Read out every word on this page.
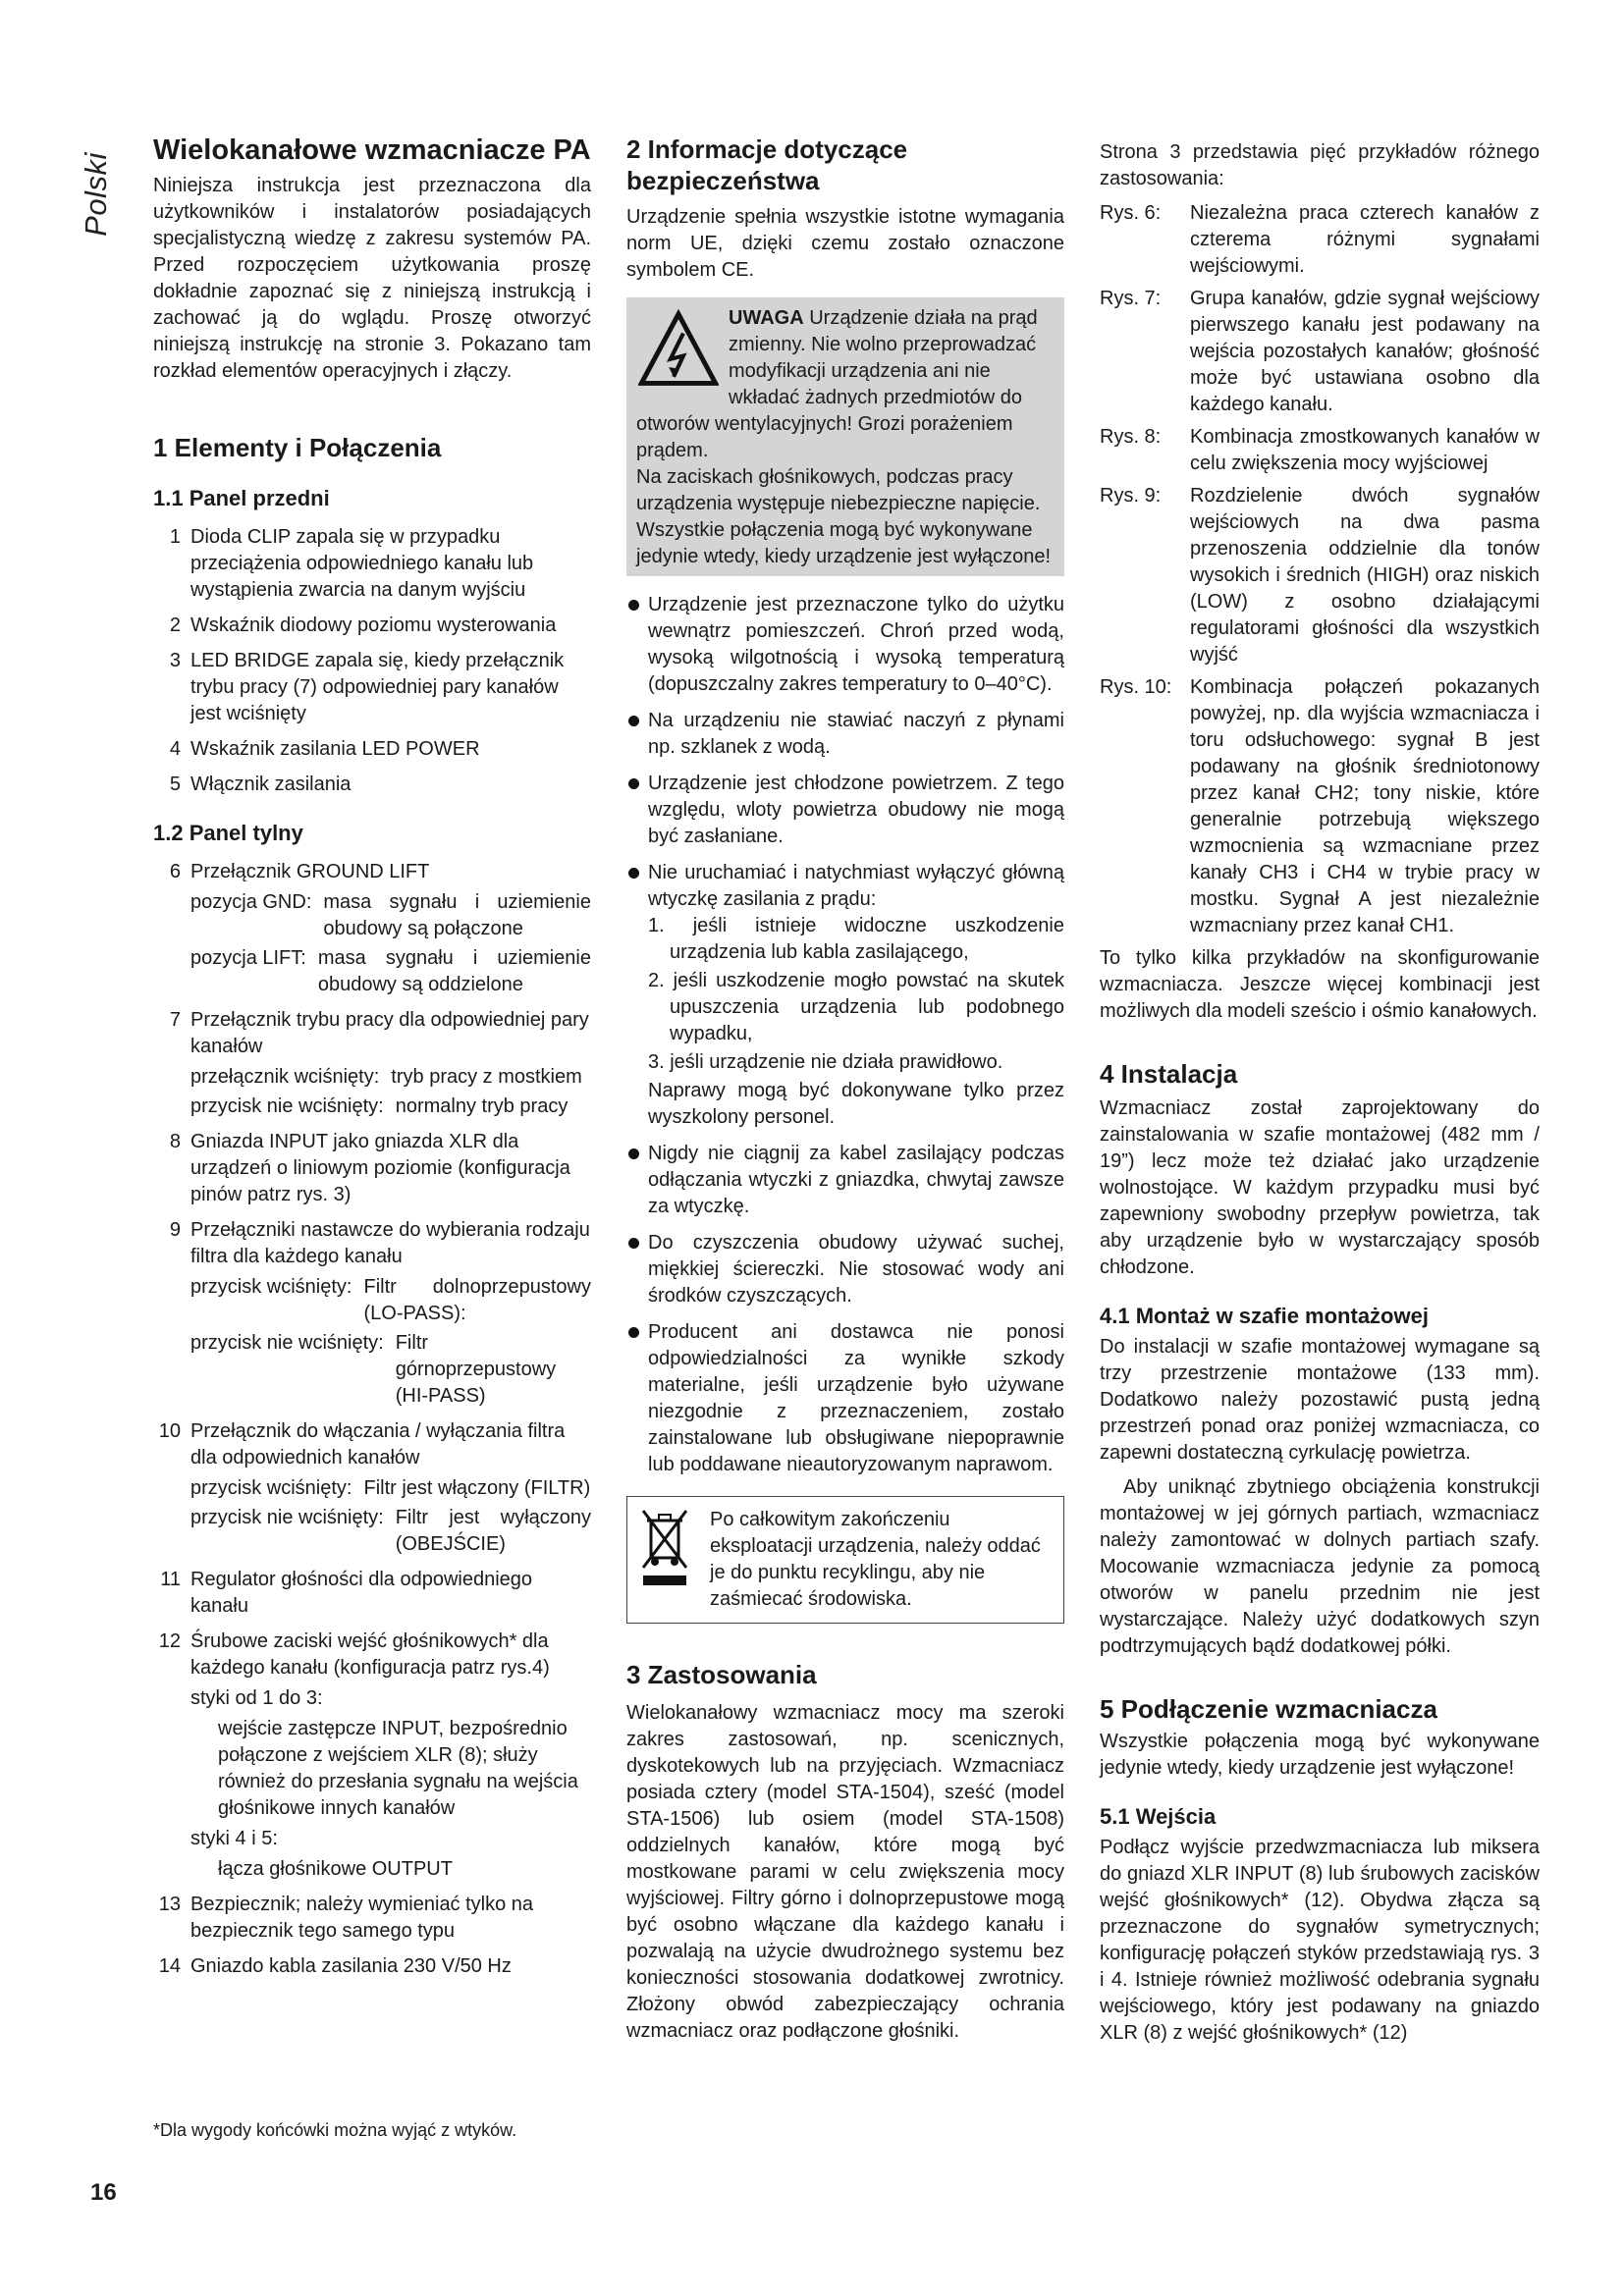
Polski
Wielokanałowe wzmacniacze PA

Niniejsza instrukcja jest przeznaczona dla użytkowników i instalatorów posiadających specjalistyczną wiedzę z zakresu systemów PA. Przed rozpoczęciem użytkowania proszę dokładnie zapoznać się z niniejszą instrukcją i zachować ją do wglądu. Proszę otworzyć niniejszą instrukcję na stronie 3. Pokazano tam rozkład elementów operacyjnych i złączy.

1 Elementy i Połączenia
1.1 Panel przedni
1 Dioda CLIP zapala się w przypadku przeciążenia odpowiedniego kanału lub wystąpienia zwarcia na danym wyjściu
2 Wskaźnik diodowy poziomu wysterowania
3 LED BRIDGE zapala się, kiedy przełącznik trybu pracy (7) odpowiedniej pary kanałów jest wciśnięty
4 Wskaźnik zasilania LED POWER
5 Włącznik zasilania
1.2 Panel tylny
6 Przełącznik GROUND LIFT
pozycja GND: masa sygnału i uziemienie obudowy są połączone
pozycja LIFT: masa sygnału i uziemienie obudowy są oddzielone
7 Przełącznik trybu pracy dla odpowiedniej pary kanałów
przełącznik wciśnięty: tryb pracy z mostkiem
przycisk nie wciśnięty: normalny tryb pracy
8 Gniazda INPUT jako gniazda XLR dla urządzeń o liniowym poziomie (konfiguracja pinów patrz rys. 3)
9 Przełączniki nastawcze do wybierania rodzaju filtra dla każdego kanału
przycisk wciśnięty: Filtr dolnoprzepustowy (LO-PASS):
przycisk nie wciśnięty: Filtr górnoprzepustowy (HI-PASS)
10 Przełącznik do włączania / wyłączania filtra dla odpowiednich kanałów
przycisk wciśnięty: Filtr jest włączony (FILTR)
przycisk nie wciśnięty: Filtr jest wyłączony (OBEJŚCIE)
11 Regulator głośności dla odpowiedniego kanału
12 Śrubowe zaciski wejść głośnikowych* dla każdego kanału (konfiguracja patrz rys.4)
styki od 1 do 3:
wejście zastępcze INPUT, bezpośrednio połączone z wejściem XLR (8); służy również do przesłania sygnału na wejścia głośnikowe innych kanałów
styki 4 i 5:
łącza głośnikowe OUTPUT
13 Bezpiecznik; należy wymieniać tylko na bezpiecznik tego samego typu
14 Gniazdo kabla zasilania 230 V/50 Hz
2 Informacje dotyczące bezpieczeństwa

Urządzenie spełnia wszystkie istotne wymagania norm UE, dzięki czemu zostało oznaczone symbolem CE.

UWAGA Urządzenie działa na prąd zmienny. Nie wolno przeprowadzać modyfikacji urządzenia ani nie wkładać żadnych przedmiotów do otworów wentylacyjnych! Grozi porażeniem prądem.
Na zaciskach głośnikowych, podczas pracy urządzenia występuje niebezpieczne napięcie. Wszystkie połączenia mogą być wykonywane jedynie wtedy, kiedy urządzenie jest wyłączone!
Urządzenie jest przeznaczone tylko do użytku wewnątrz pomieszczeń. Chroń przed wodą, wysoką wilgotnością i wysoką temperaturą (dopuszczalny zakres temperatury to 0–40°C).
Na urządzeniu nie stawiać naczyń z płynami np. szklanek z wodą.
Urządzenie jest chłodzone powietrzem. Z tego względu, wloty powietrza obudowy nie mogą być zasłaniane.
Nie uruchamiać i natychmiast wyłączyć główną wtyczkę zasilania z prądu:
1. jeśli istnieje widoczne uszkodzenie urządzenia lub kabla zasilającego,
2. jeśli uszkodzenie mogło powstać na skutek upuszczenia urządzenia lub podobnego wypadku,
3. jeśli urządzenie nie działa prawidłowo.
Naprawy mogą być dokonywane tylko przez wyszkolony personel.
Nigdy nie ciągnij za kabel zasilający podczas odłączania wtyczki z gniazdka, chwytaj zawsze za wtyczkę.
Do czyszczenia obudowy używać suchej, miękkiej ściereczki. Nie stosować wody ani środków czyszczących.
Producent ani dostawca nie ponosi odpowiedzialności za wynikłe szkody materialne, jeśli urządzenie było używane niezgodnie z przeznaczeniem, zostało zainstalowane lub obsługiwane niepoprawnie lub poddawane nieautoryzowanym naprawom.
Po całkowitym zakończeniu eksploatacji urządzenia, należy oddać je do punktu recyklingu, aby nie zaśmiecać środowiska.
3 Zastosowania

Wielokanałowy wzmacniacz mocy ma szeroki zakres zastosowań, np. scenicznych, dyskotekowych lub na przyjęciach. Wzmacniacz posiada cztery (model STA-1504), sześć (model STA-1506) lub osiem (model STA-1508) oddzielnych kanałów, które mogą być mostkowane parami w celu zwiększenia mocy wyjściowej. Filtry górno i dolnoprzepustowe mogą być osobno włączane dla każdego kanału i pozwalają na użycie dwudrożnego systemu bez konieczności stosowania dodatkowej zwrotnicy. Złożony obwód zabezpieczający ochrania wzmacniacz oraz podłączone głośniki.

Strona 3 przedstawia pięć przykładów różnego zastosowania:

Rys. 6:	Niezależna praca czterech kanałów z czterema różnymi sygnałami wejściowymi.
Rys. 7:	Grupa kanałów, gdzie sygnał wejściowy pierwszego kanału jest podawany na wejścia pozostałych kanałów; głośność może być ustawiana osobno dla każdego kanału.
Rys. 8:	Kombinacja zmostkowanych kanałów w celu zwiększenia mocy wyjściowej
Rys. 9:	Rozdzielenie dwóch sygnałów wejściowych na dwa pasma przenoszenia oddzielnie dla tonów wysokich i średnich (HIGH) oraz niskich (LOW) z osobno działającymi regulatorami głośności dla wszystkich wyjść
Rys. 10: Kombinacja połączeń pokazanych powyżej, np. dla wyjścia wzmacniacza i toru odsłuchowego: sygnał B jest podawany na głośnik średniotonowy przez kanał CH2; tony niskie, które generalnie potrzebują większego wzmocnienia są wzmacniane przez kanały CH3 i CH4 w trybie pracy w mostku. Sygnał A jest niezależnie wzmacniany przez kanał CH1.

To tylko kilka przykładów na skonfigurowanie wzmacniacza. Jeszcze więcej kombinacji jest możliwych dla modeli sześcio i ośmio kanałowych.

4 Instalacja

Wzmacniacz został zaprojektowany do zainstalowania w szafie montażowej (482 mm / 19”) lecz może też działać jako urządzenie wolnostojące. W każdym przypadku musi być zapewniony swobodny przepływ powietrza, tak aby urządzenie było w wystarczający sposób chłodzone.

4.1 Montaż w szafie montażowej

Do instalacji w szafie montażowej wymagane są trzy przestrzenie montażowe (133 mm). Dodatkowo należy pozostawić pustą jedną przestrzeń ponad oraz poniżej wzmacniacza, co zapewni dostateczną cyrkulację powietrza.

Aby uniknąć zbytniego obciążenia konstrukcji montażowej w jej górnych partiach, wzmacniacz należy zamontować w dolnych partiach szafy. Mocowanie wzmacniacza jedynie za pomocą otworów w panelu przednim nie jest wystarczające. Należy użyć dodatkowych szyn podtrzymujących bądź dodatkowej półki.

5 Podłączenie wzmacniacza

Wszystkie połączenia mogą być wykonywane jedynie wtedy, kiedy urządzenie jest wyłączone!

5.1 Wejścia

Podłącz wyjście przedwzmacniacza lub miksera do gniazd XLR INPUT (8) lub śrubowych zacisków wejść głośnikowych* (12). Obydwa złącza są przeznaczone do sygnałów symetrycznych; konfigurację połączeń styków przedstawiają rys. 3 i 4. Istnieje również możliwość odebrania sygnału wejściowego, który jest podawany na gniazdo XLR (8) z wejść głośnikowych* (12)

*Dla wygody końcówki można wyjąć z wtyków.
16
